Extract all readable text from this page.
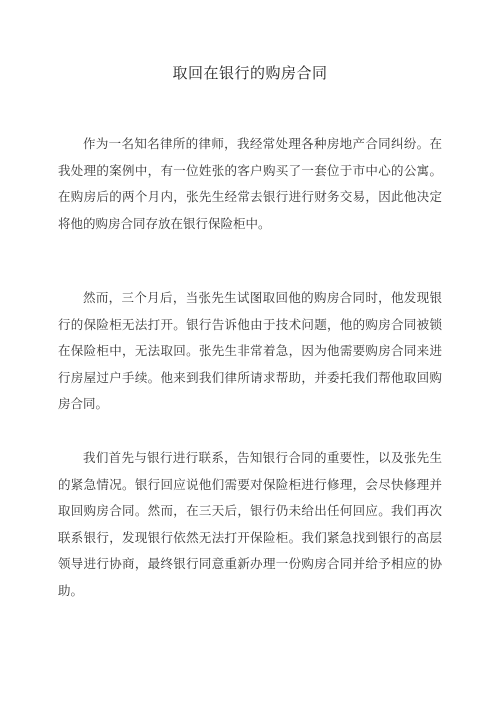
取回在银行的购房合同

作为一名知名律所的律师，我经常处理各种房地产合同纠纷。在我处理的案例中，有一位姓张的客户购买了一套位于市中心的公寓。在购房后的两个月内，张先生经常去银行进行财务交易，因此他决定将他的购房合同存放在银行保险柜中。

然而，三个月后，当张先生试图取回他的购房合同时，他发现银行的保险柜无法打开。银行告诉他由于技术问题，他的购房合同被锁在保险柜中，无法取回。张先生非常着急，因为他需要购房合同来进行房屋过户手续。他来到我们律所请求帮助，并委托我们帮他取回购房合同。

我们首先与银行进行联系，告知银行合同的重要性，以及张先生的紧急情况。银行回应说他们需要对保险柜进行修理，会尽快修理并取回购房合同。然而，在三天后，银行仍未给出任何回应。我们再次联系银行，发现银行依然无法打开保险柜。我们紧急找到银行的高层领导进行协商，最终银行同意重新办理一份购房合同并给予相应的协助。
